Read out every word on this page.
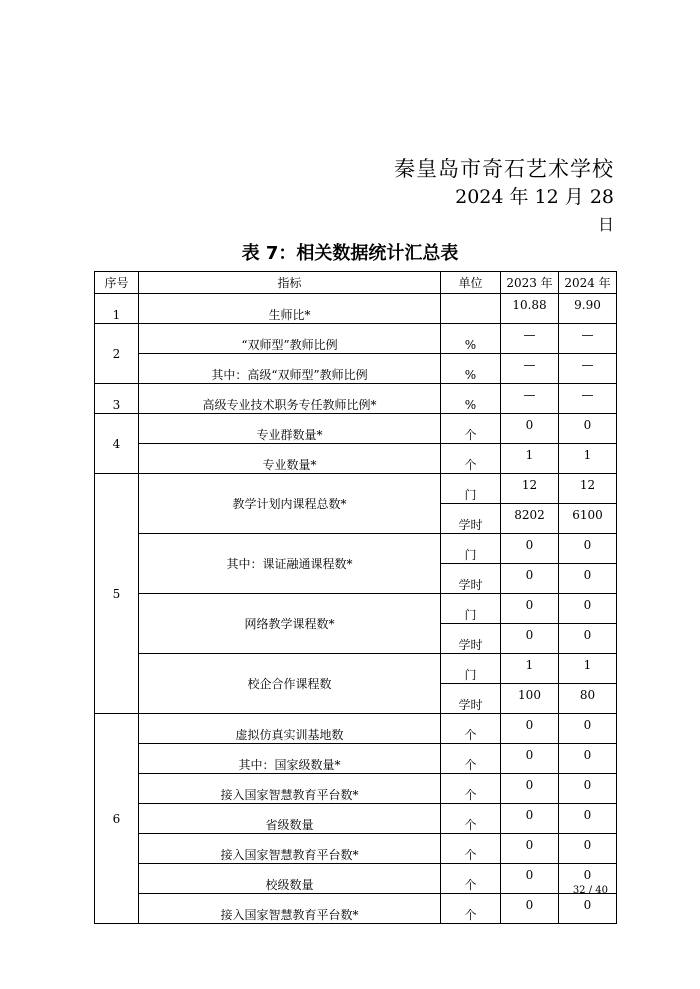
秦皇岛市奇石艺术学校
2024 年 12 月 28
日
表 7：相关数据统计汇总表
序号	指标	单位	2023 年	2024 年
1	生师比*		10.88	9.90
2	“双师型”教师比例	%	—	—
	其中：高级“双师型”教师比例	%	—	—
3	高级专业技术职务专任教师比例*	%	—	—
4	专业群数量*	个	0	0
	专业数量*	个	1	1
5	教学计划内课程总数*	门	12	12
		学时	8202	6100
	其中：课证融通课程数*	门	0	0
		学时	0	0
	网络教学课程数*	门	0	0
		学时	0	0
	校企合作课程数	门	1	1
		学时	100	80
6	虚拟仿真实训基地数	个	0	0
	其中：国家级数量*	个	0	0
	接入国家智慧教育平台数*	个	0	0
	省级数量	个	0	0
	接入国家智慧教育平台数*	个	0	0
	校级数量	个	0	0
	接入国家智慧教育平台数*	个	0	0
32 / 40
